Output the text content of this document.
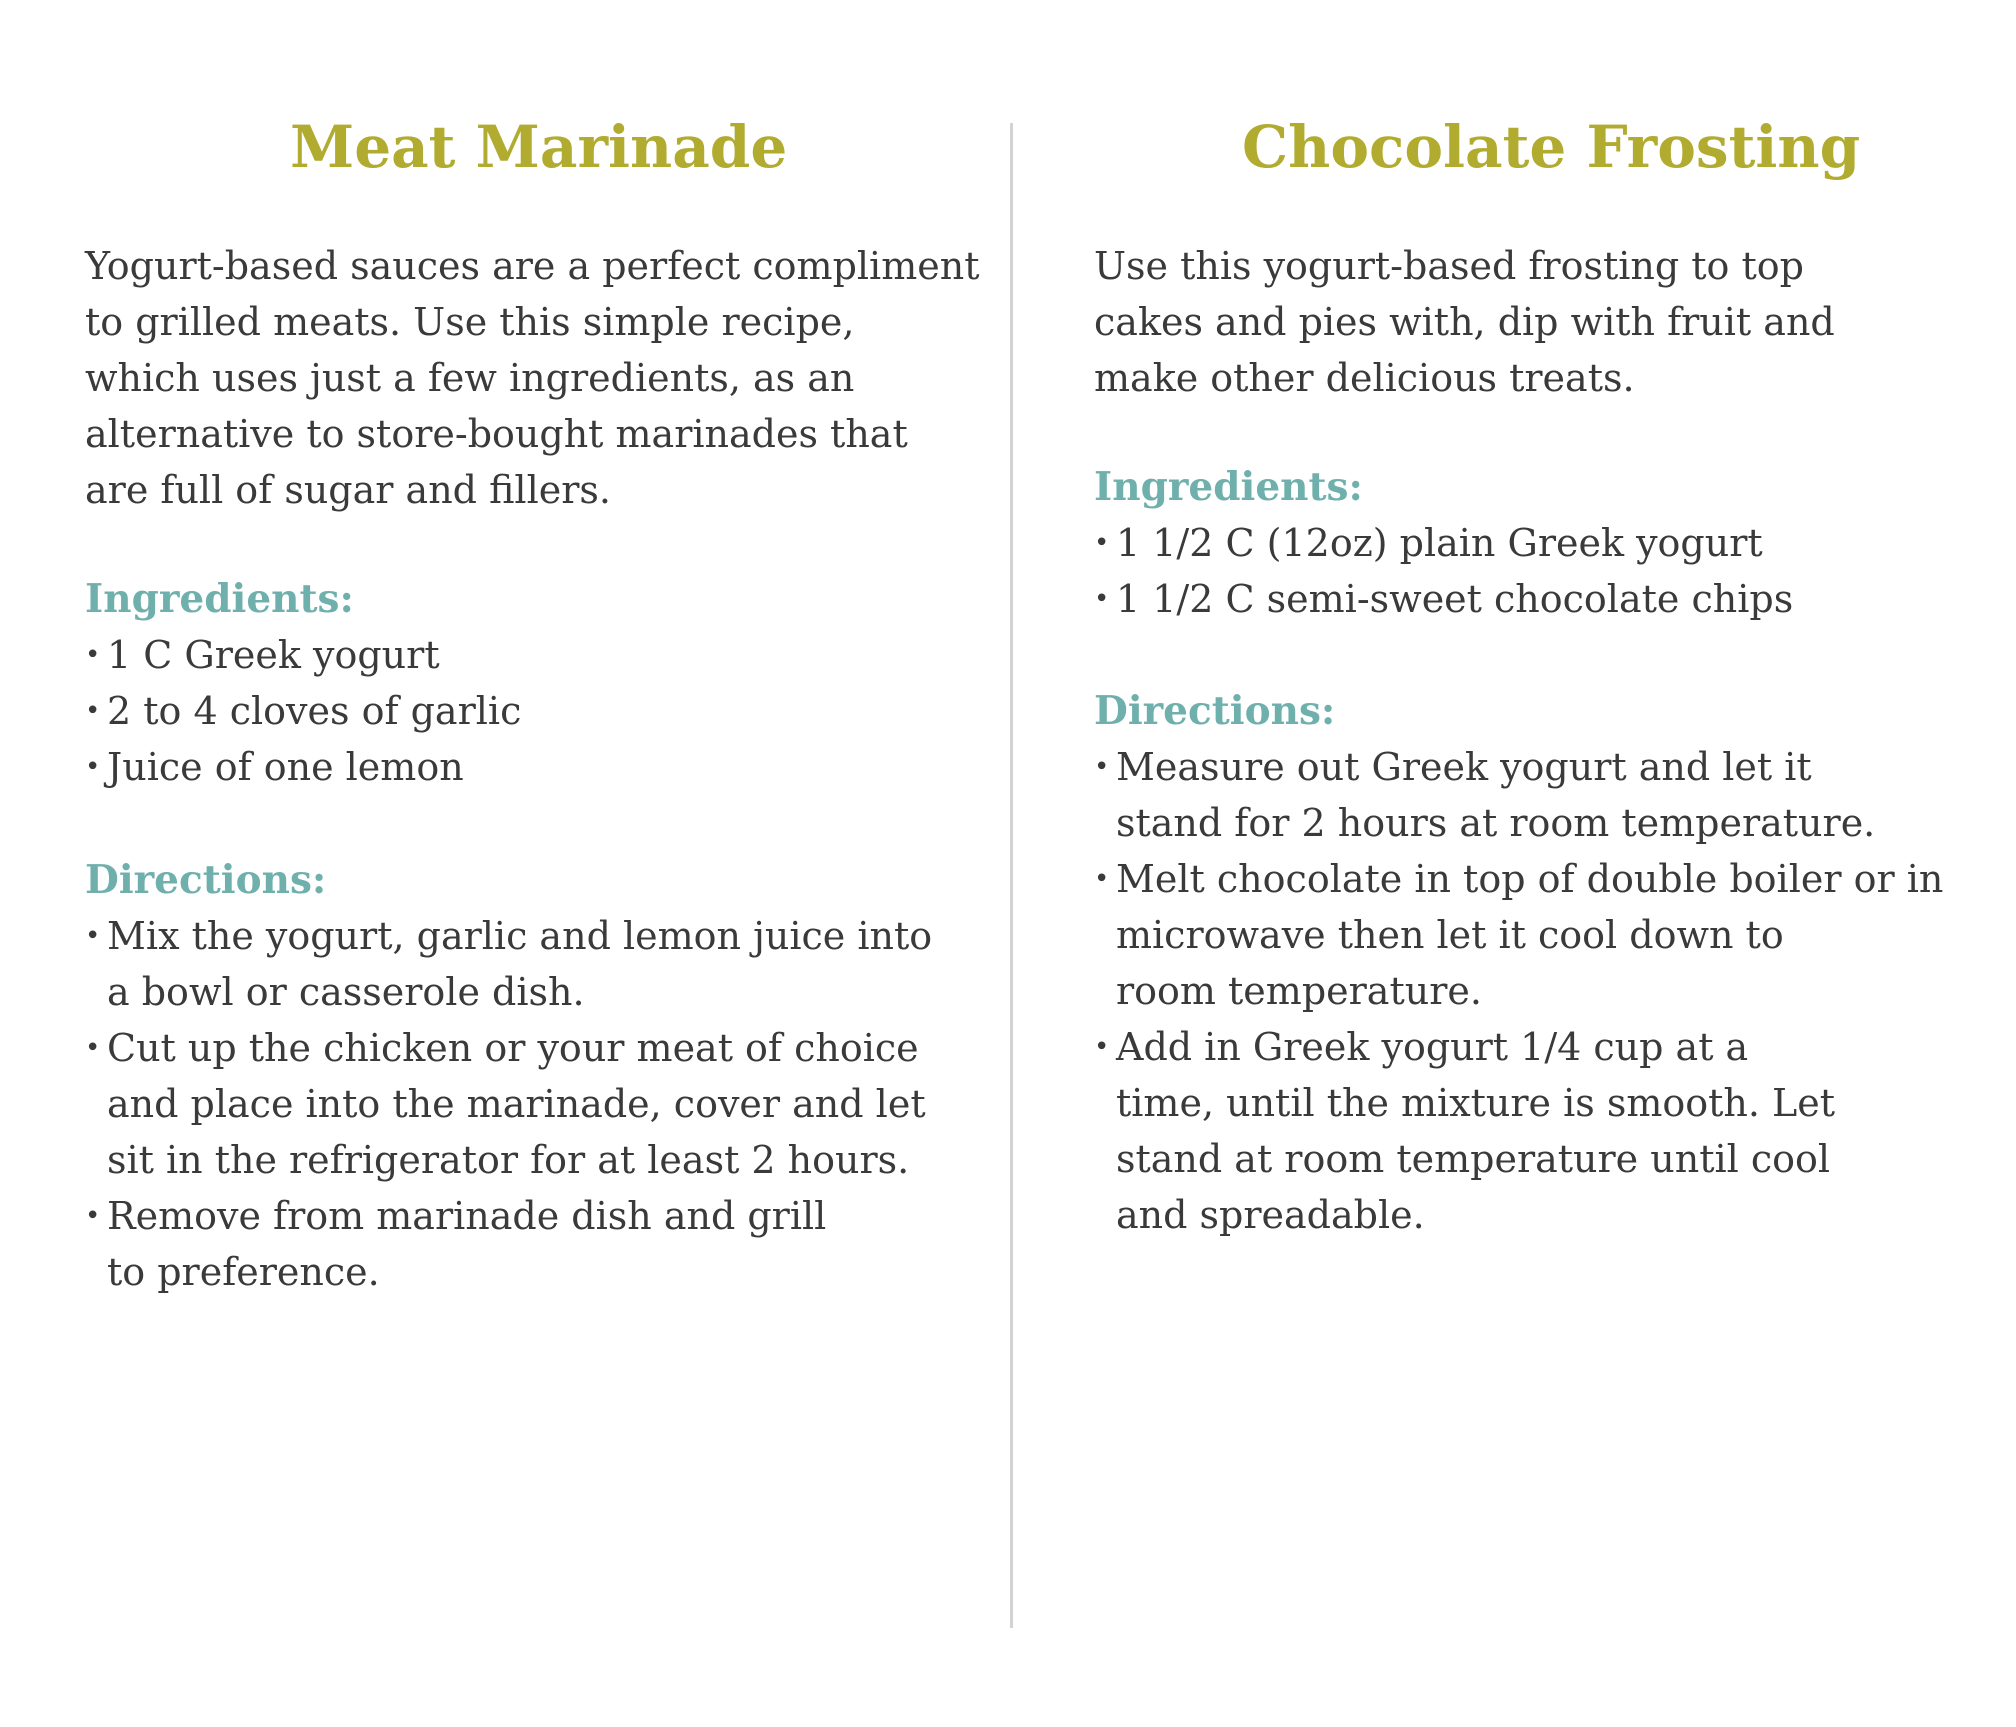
Meat Marinade

Yogurt-based sauces are a perfect compliment
to grilled meats. Use this simple recipe,
which uses just a few ingredients, as an
alternative to store-bought marinades that
are full of sugar and fillers.

Ingredients:
• 1 C Greek yogurt
• 2 to 4 cloves of garlic
• Juice of one lemon
Directions:
• Mix the yogurt, garlic and lemon juice into
a bowl or casserole dish.
• Cut up the chicken or your meat of choice
and place into the marinade, cover and let
sit in the refrigerator for at least 2 hours.
• Remove from marinade dish and grill
to preference.
Chocolate Frosting

Use this yogurt-based frosting to top
cakes and pies with, dip with fruit and
make other delicious treats.

Ingredients:
• 1 1/2 C (12oz) plain Greek yogurt
• 1 1/2 C semi-sweet chocolate chips
Directions:
• Measure out Greek yogurt and let it
stand for 2 hours at room temperature.
• Melt chocolate in top of double boiler or in
microwave then let it cool down to
room temperature.
• Add in Greek yogurt 1/4 cup at a
time, until the mixture is smooth. Let
stand at room temperature until cool
and spreadable.
